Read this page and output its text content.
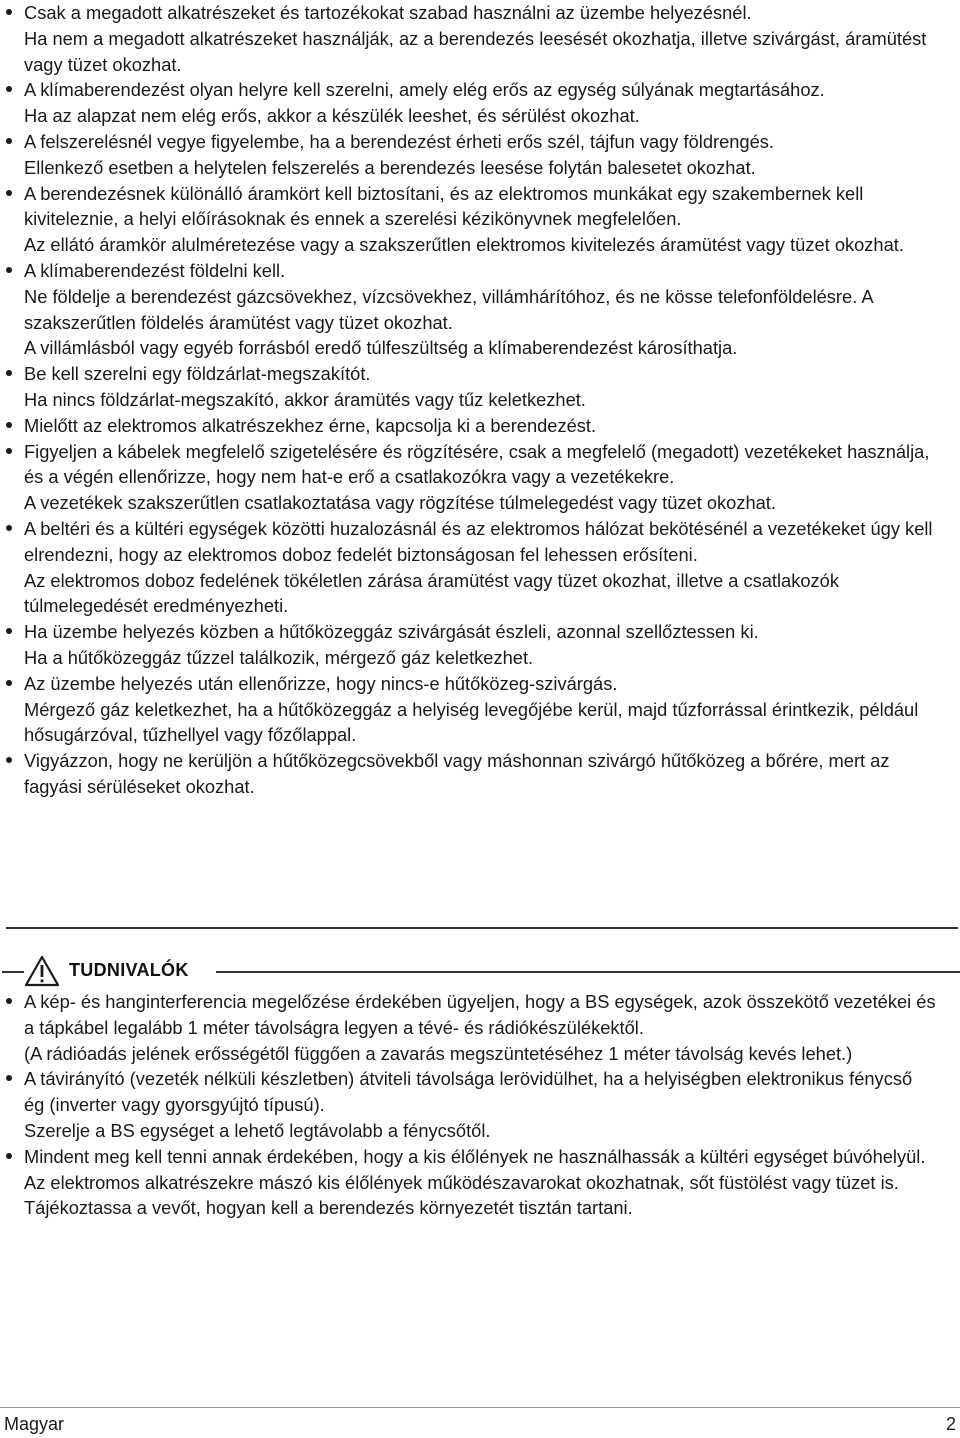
Csak a megadott alkatrészeket és tartozékokat szabad használni az üzembe helyezésnél.

Ha nem a megadott alkatrészeket használják, az a berendezés leesését okozhatja, illetve szivárgást, áramütést vagy tüzet okozhat.

A klímaberendezést olyan helyre kell szerelni, amely elég erős az egység súlyának megtartásához.

Ha az alapzat nem elég erős, akkor a készülék leeshet, és sérülést okozhat.

A felszerelésnél vegye figyelembe, ha a berendezést érheti erős szél, tájfun vagy földrengés.

Ellenkező esetben a helytelen felszerelés a berendezés leesése folytán balesetet okozhat.

A berendezésnek különálló áramkört kell biztosítani, és az elektromos munkákat egy szakembernek kell kiviteleznie, a helyi előírásoknak és ennek a szerelési kézikönyvnek megfelelően.

Az ellátó áramkör alulméretezése vagy a szakszerűtlen elektromos kivitelezés áramütést vagy tüzet okozhat.

A klímaberendezést földelni kell.

Ne földelje a berendezést gázcsövekhez, vízcsövekhez, villámhárítóhoz, és ne kösse telefonföldelésre. A szakszerűtlen földelés áramütést vagy tüzet okozhat.

A villámlásból vagy egyéb forrásból eredő túlfeszültség a klímaberendezést károsíthatja.

Be kell szerelni egy földzárlat-megszakítót.

Ha nincs földzárlat-megszakító, akkor áramütés vagy tűz keletkezhet.

Mielőtt az elektromos alkatrészekhez érne, kapcsolja ki a berendezést.

Figyeljen a kábelek megfelelő szigetelésére és rögzítésére, csak a megfelelő (megadott) vezetékeket használja, és a végén ellenőrizze, hogy nem hat-e erő a csatlakozókra vagy a vezetékekre.

A vezetékek szakszerűtlen csatlakoztatása vagy rögzítése túlmelegedést vagy tüzet okozhat.

A beltéri és a kültéri egységek közötti huzalozásnál és az elektromos hálózat bekötésénél a vezetékeket úgy kell elrendezni, hogy az elektromos doboz fedelét biztonságosan fel lehessen erősíteni.

Az elektromos doboz fedelének tökéletlen zárása áramütést vagy tüzet okozhat, illetve a csatlakozók túlmelegedését eredményezheti.

Ha üzembe helyezés közben a hűtőközeggáz szivárgását észleli, azonnal szellőztessen ki.

Ha a hűtőközeggáz tűzzel találkozik, mérgező gáz keletkezhet.

Az üzembe helyezés után ellenőrizze, hogy nincs-e hűtőközeg-szivárgás.

Mérgező gáz keletkezhet, ha a hűtőközeggáz a helyiség levegőjébe kerül, majd tűzforrással érintkezik, például hősugárzóval, tűzhellyel vagy főzőlappal.

Vigyázzon, hogy ne kerüljön a hűtőközegcsövekből vagy máshonnan szivárgó hűtőközeg a bőrére, mert az fagyási sérüléseket okozhat.

TUDNIVALÓK

A kép- és hanginterferencia megelőzése érdekében ügyeljen, hogy a BS egységek, azok összekötő vezetékei és a tápkábel legalább 1 méter távolságra legyen a tévé- és rádiókészülékektől.

(A rádióadás jelének erősségétől függően a zavarás megszüntetéséhez 1 méter távolság kevés lehet.)

A távirányító (vezeték nélküli készletben) átviteli távolsága lerövidülhet, ha a helyiségben elektronikus fénycső ég (inverter vagy gyorsgyújtó típusú).

Szerelje a BS egységet a lehető legtávolabb a fénycsőtől.

Mindent meg kell tenni annak érdekében, hogy a kis élőlények ne használhassák a kültéri egységet búvóhelyül.

Az elektromos alkatrészekre mászó kis élőlények működészavarokat okozhatnak, sőt füstölést vagy tüzet is. Tájékoztassa a vevőt, hogyan kell a berendezés környezetét tisztán tartani.

Magyar	2
